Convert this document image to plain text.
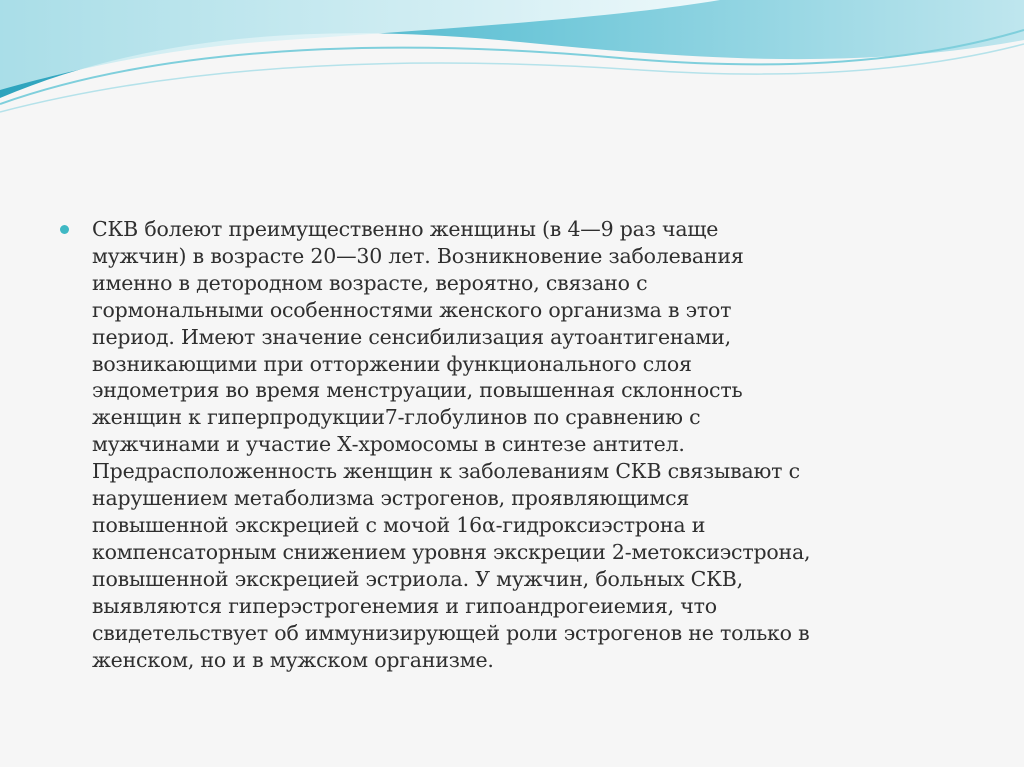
СКВ болеют преимущественно женщины (в 4—9 раз чаще
мужчин) в возрасте 20—30 лет. Возникновение заболевания
именно в детородном возрасте, вероятно, связано с
гормональными особенностями женского организма в этот
период. Имеют значение сенсибилизация аутоантигенами,
возникающими при отторжении функционального слоя
эндометрия во время менструации, повышенная склонность
женщин к гиперпродукции7-глобулинов по сравнению с
мужчинами и участие Х-хромосомы в синтезе антител.
Предрасположенность женщин к заболеваниям СКВ связывают с
нарушением метаболизма эстрогенов, проявляющимся
повышенной экскрецией с мочой 16α-гидроксиэстрона и
компенсаторным снижением уровня экскреции 2-метоксиэстрона,
повышенной экскрецией эстриола. У мужчин, больных СКВ,
выявляются гиперэстрогенемия и гипоандрогеиемия, что
свидетельствует об иммунизирующей роли эстрогенов не только в
женском, но и в мужском организме.
